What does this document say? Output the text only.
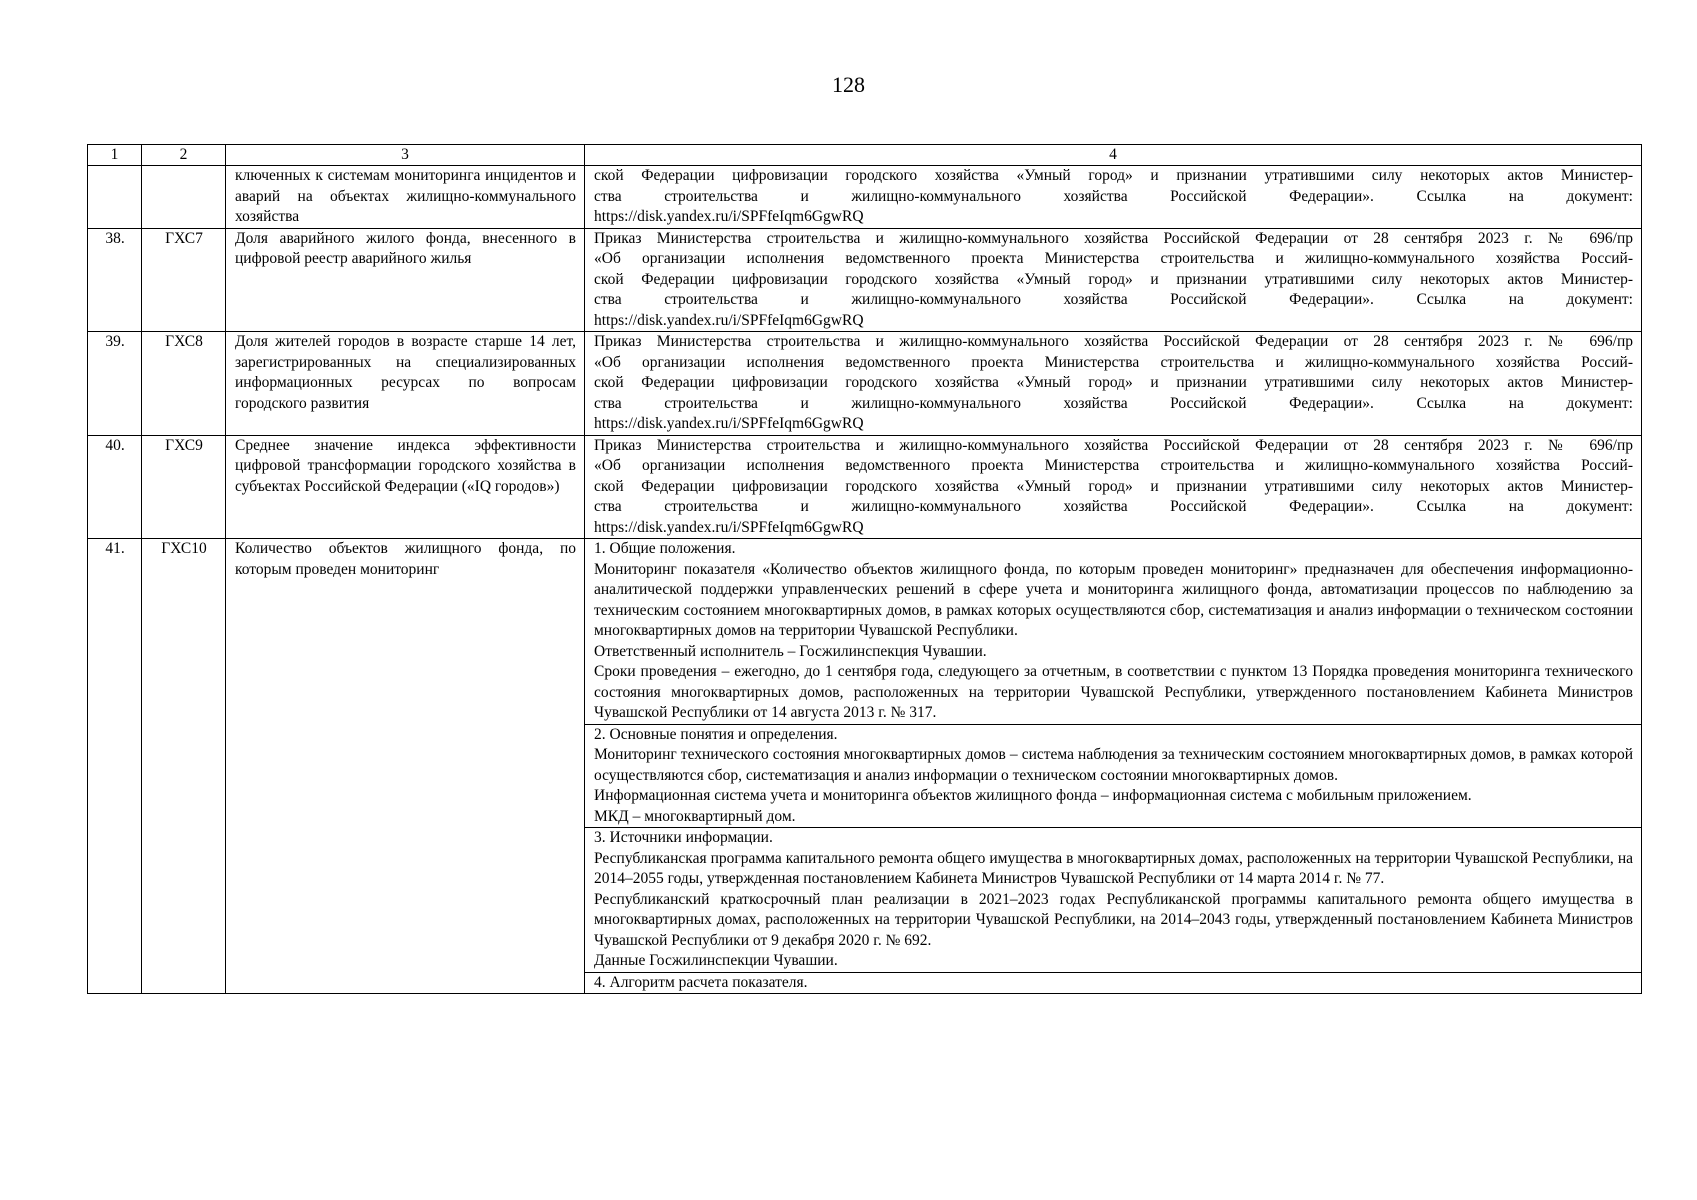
128
1	2	3	4
		ключенных к системам мониторинга инцидентов и аварий на объектах жилищно-коммунального хозяйства	ской Федерации цифровизации городского хозяйства «Умный город» и признании утратившими силу некоторых актов Министер-
ства строительства и жилищно-коммунального хозяйства Российской Федерации». Ссылка на документ:
https://disk.yandex.ru/i/SPFfeIqm6GgwRQ

38.	ГХС7	Доля аварийного жилого фонда, внесенного в цифровой реестр аварийного жилья	Приказ Министерства строительства и жилищно-коммунального хозяйства Российской Федерации от 28 сентября 2023 г. № 696/пр
«Об организации исполнения ведомственного проекта Министерства строительства и жилищно-коммунального хозяйства Россий-
ской Федерации цифровизации городского хозяйства «Умный город» и признании утратившими силу некоторых актов Министер-
ства строительства и жилищно-коммунального хозяйства Российской Федерации». Ссылка на документ:
https://disk.yandex.ru/i/SPFfeIqm6GgwRQ

39.	ГХС8	Доля жителей городов в возрасте старше 14 лет, зарегистрированных на специализированных информационных ресурсах по вопросам городского развития	Приказ Министерства строительства и жилищно-коммунального хозяйства Российской Федерации от 28 сентября 2023 г. № 696/пр
«Об организации исполнения ведомственного проекта Министерства строительства и жилищно-коммунального хозяйства Россий-
ской Федерации цифровизации городского хозяйства «Умный город» и признании утратившими силу некоторых актов Министер-
ства строительства и жилищно-коммунального хозяйства Российской Федерации». Ссылка на документ:
https://disk.yandex.ru/i/SPFfeIqm6GgwRQ

40.	ГХС9	Среднее значение индекса эффективности цифровой трансформации городского хозяйства в субъектах Российской Федерации («IQ городов»)	Приказ Министерства строительства и жилищно-коммунального хозяйства Российской Федерации от 28 сентября 2023 г. № 696/пр
«Об организации исполнения ведомственного проекта Министерства строительства и жилищно-коммунального хозяйства Россий-
ской Федерации цифровизации городского хозяйства «Умный город» и признании утратившими силу некоторых актов Министер-
ства строительства и жилищно-коммунального хозяйства Российской Федерации». Ссылка на документ:
https://disk.yandex.ru/i/SPFfeIqm6GgwRQ

41.	ГХС10	Количество объектов жилищного фонда, по которым проведен мониторинг	1. Общие положения.
Мониторинг показателя «Количество объектов жилищного фонда, по которым проведен мониторинг» предназначен для обеспечения информационно-аналитической поддержки управленческих решений в сфере учета и мониторинга жилищного фонда, автоматизации процессов по наблюдению за техническим состоянием многоквартирных домов, в рамках которых осуществляются сбор, систематизация и анализ информации о техническом состоянии многоквартирных домов на территории Чувашской Республики.
Ответственный исполнитель – Госжилинспекция Чувашии.
Сроки проведения – ежегодно, до 1 сентября года, следующего за отчетным, в соответствии с пунктом 13 Порядка проведения мониторинга технического состояния многоквартирных домов, расположенных на территории Чувашской Республики, утвержденного постановлением Кабинета Министров Чувашской Республики от 14 августа 2013 г. № 317.

			2. Основные понятия и определения.
Мониторинг технического состояния многоквартирных домов – система наблюдения за техническим состоянием многоквартирных домов, в рамках которой осуществляются сбор, систематизация и анализ информации о техническом состоянии многоквартирных домов.
Информационная система учета и мониторинга объектов жилищного фонда – информационная система с мобильным приложением.
МКД – многоквартирный дом.

			3. Источники информации.
Республиканская программа капитального ремонта общего имущества в многоквартирных домах, расположенных на территории Чувашской Республики, на 2014–2055 годы, утвержденная постановлением Кабинета Министров Чувашской Республики от 14 марта 2014 г. № 77.
Республиканский краткосрочный план реализации в 2021–2023 годах Республиканской программы капитального ремонта общего имущества в многоквартирных домах, расположенных на территории Чувашской Республики, на 2014–2043 годы, утвержденный постановлением Кабинета Министров Чувашской Республики от 9 декабря 2020 г. № 692.
Данные Госжилинспекции Чувашии.

			4. Алгоритм расчета показателя.
